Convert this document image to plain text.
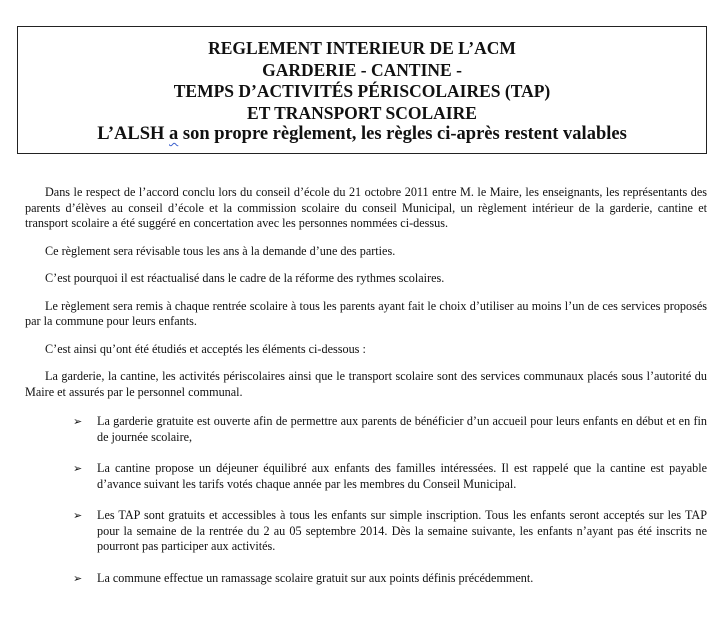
REGLEMENT INTERIEUR DE L’ACM
GARDERIE - CANTINE -
TEMPS D’ACTIVITÉS PÉRISCOLAIRES (TAP)
ET TRANSPORT SCOLAIRE
L’ALSH a son propre règlement, les règles ci-après restent valables

Dans le respect de l’accord conclu lors du conseil d’école du 21 octobre 2011 entre M. le Maire, les enseignants, les représentants des parents d’élèves au conseil d’école et la commission scolaire du conseil Municipal, un règlement intérieur de la garderie, cantine et transport scolaire a été suggéré en concertation avec les personnes nommées ci-dessus.

Ce règlement sera révisable tous les ans à la demande d’une des parties.

C’est pourquoi il est réactualisé dans le cadre de la réforme des rythmes scolaires.

Le règlement sera remis à chaque rentrée scolaire à tous les parents ayant fait le choix d’utiliser au moins l’un de ces services proposés par la commune pour leurs enfants.

C’est ainsi qu’ont été étudiés et acceptés les éléments ci-dessous :

La garderie, la cantine, les activités périscolaires ainsi que le transport scolaire sont des services communaux placés sous l’autorité du Maire et assurés par le personnel communal.

➢ La garderie gratuite est ouverte afin de permettre aux parents de bénéficier d’un accueil pour leurs enfants en début et en fin de journée scolaire,
➢ La cantine propose un déjeuner équilibré aux enfants des familles intéressées. Il est rappelé que la cantine est payable d’avance suivant les tarifs votés chaque année par les membres du Conseil Municipal.
➢ Les TAP sont gratuits et accessibles à tous les enfants sur simple inscription. Tous les enfants seront acceptés sur les TAP pour la semaine de la rentrée du 2 au 05 septembre 2014. Dès la semaine suivante, les enfants n’ayant pas été inscrits ne pourront pas participer aux activités.
➢ La commune effectue un ramassage scolaire gratuit sur aux points définis précédemment.
